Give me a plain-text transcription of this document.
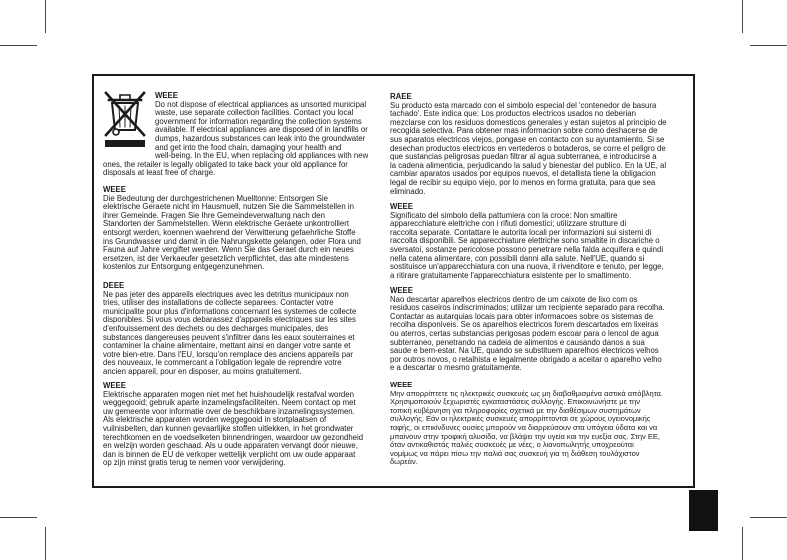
WEEE
Do not dispose of electrical appliances as unsorted municipal
waste, use separate collection facilities. Contact you local
government for information regarding the collection systems
available. If electrical appliances are disposed of in landfills or
dumps, hazardous substances can leak into the groundwater
and get into the food chain, damaging your health and
well-being. In the EU, when replacing old appliances with new
ones, the retailer is legally obligated to take back your old appliance for
disposals at least free of charge.
WEEE
Die Bedeutung der durchgestrichenen Muelltonne: Entsorgen Sie
elektrische Geraete nicht im Hausmuell, nutzen Sie die Sammelstellen in
ihrer Gemeinde. Fragen Sie Ihre Gemeindeverwaltung nach den
Standorten der Sammelstellen. Wenn elektrische Geraete unkontrolliert
entsorgt werden, koennen waehrend der Verwitterung gefaehrliche Stoffe
ins Grundwasser und damit in die Nahrungskette gelangen, oder Flora und
Fauna auf Jahre vergiftet werden. Wenn Sie das Geraet durch ein neues
ersetzen, ist der Verkaeufer gesetzlich verpflichtet, das alte mindestens
kostenlos zur Entsorgung entgegenzunehmen.
DEEE
Ne pas jeter des appareils electriques avec les detritus municipaux non
tries, utiliser des installations de collecte separees. Contacter votre
municipalite pour plus d'informations concernant les systemes de collecte
disponibles. Si vous vous debarassez d'appareils electriques sur les sites
d'enfouissement des dechets ou des decharges municipales, des
substances dangereuses peuvent s'infiltrer dans les eaux souterraines et
contaminer la chaine alimentaire, mettant ainsi en danger votre sante et
votre bien-etre. Dans l'EU, lorsqu'on remplace des anciens appareils par
des nouveaux, le commercant a l'obligation legale de reprendre votre
ancien appareil, pour en disposer, au moins gratuitement.
WEEE
Elektrische apparaten mogen niet met het huishoudelijk restafval worden
weggegooid; gebruik aparte inzamelingsfaciliteiten. Neem contact op met
uw gemeente voor informatie over de beschikbare inzamelingssystemen.
Als elektrische apparaten worden weggegooid in stortplaatsen of
vuilnisbelten, dan kunnen gevaarlijke stoffen uitlekken, in het grondwater
terechtkomen en de voedselketen binnendringen, waardoor uw gezondheid
en welzijn worden geschaad. Als u oude apparaten vervangt door nieuwe,
dan is binnen de EU de verkoper wettelijk verplicht om uw oude apparaat
op zijn minst gratis terug te nemen voor verwijdering.
RAEE
Su producto esta marcado con el simbolo especial del 'contenedor de basura
tachado'. Este indica que: Los productos electricos usados no deberian
mezclarse con los residuos domesticos generales y estan sujetos al principio de
recogida selectiva. Para obtener mas informacion sobre como deshacerse de
sus aparatos electricos viejos, pongase en contacto con su ayuntamiento. Si se
desechan productos electricos en vertederos o botaderos, se corre el peligro de
que sustancias peligrosas puedan filtrar al agua subterranea, e introducirse a
la cadena alimenticia, perjudicando la salud y bienestar del publico. En la UE, al
cambiar aparatos usados por equipos nuevos, el detallista tiene la obligacion
legal de recibir su equipo viejo, por lo menos en forma gratuita, para que sea
eliminado.
WEEE
Significato del simbolo della pattumiera con la croce: Non smaltire
apparecchiature elettriche con i rifiuti domestici; utilizzare strutture di
raccolta separate. Contattare le autorita locali per informazioni sui sistemi di
raccolta disponibili. Se apparecchiature elettriche sono smaltite in discariche o
sversatoi, sostanze pericolose possono penetrare nella falda acquifera e quindi
nella catena alimentare, con possibili danni alla salute. Nell'UE, quando si
sostituisce un'apparecchiatura con una nuova, il rivenditore e tenuto, per legge,
a ritirare gratuitamente l'apparecchiatura esistente per lo smaltimento.
WEEE
Nao descartar aparelhos electricos dentro de um caixote de lixo com os
residuos caseiros indiscriminados; utilizar um recipiente separado para recolha.
Contactar as autarquias locais para obter informacoes sobre os sistemas de
recolha disponiveis. Se os aparelhos electricos forem descartados em lixeiras
ou aterros, certas substancias perigosas podem escoar para o lencol de agua
subterraneo, penetrando na cadeia de alimentos e causando danos a sua
saude e bem-estar. Na UE, quando se substituem aparelhos electricos velhos
por outros novos, o retalhista e legalmente obrigado a aceitar o aparelho velho
e a descartar o mesmo gratuitamente.
WEEE
Μην απορρίπτετε τις ηλεκτρικές συσκευές ως μη διαβαθμισμένα αστικά απόβλητα.
Χρησιμοποιούν ξεχωριστές εγκαταστάσεις συλλογής. Επικοινωνήστε με την
τοπική κυβέρνηση για πληροφορίες σχετικά με την διαθέσιμων συστημάτων
συλλογής. Εάν οι ηλεκτρικές συσκευές απορρίπτονται σε χώρους υγειονομικής
ταφής, οι επικίνδυνες ουσίες μπορούν να διαρρεύσουν στα υπόγεια ύδατα και να
μπαίνουν στην τροφική αλυσίδα, να βλάψει την υγεία και την ευεξία σας. Στην ΕΕ,
όταν αντικαθιστάς παλιές συσκευές με νέες, ο λιανοπωλητής υποχρεούται
νομίμως να πάρει πίσω την παλιά σας συσκευή για τη διάθεση τουλάχιστον
δωρεάν.
